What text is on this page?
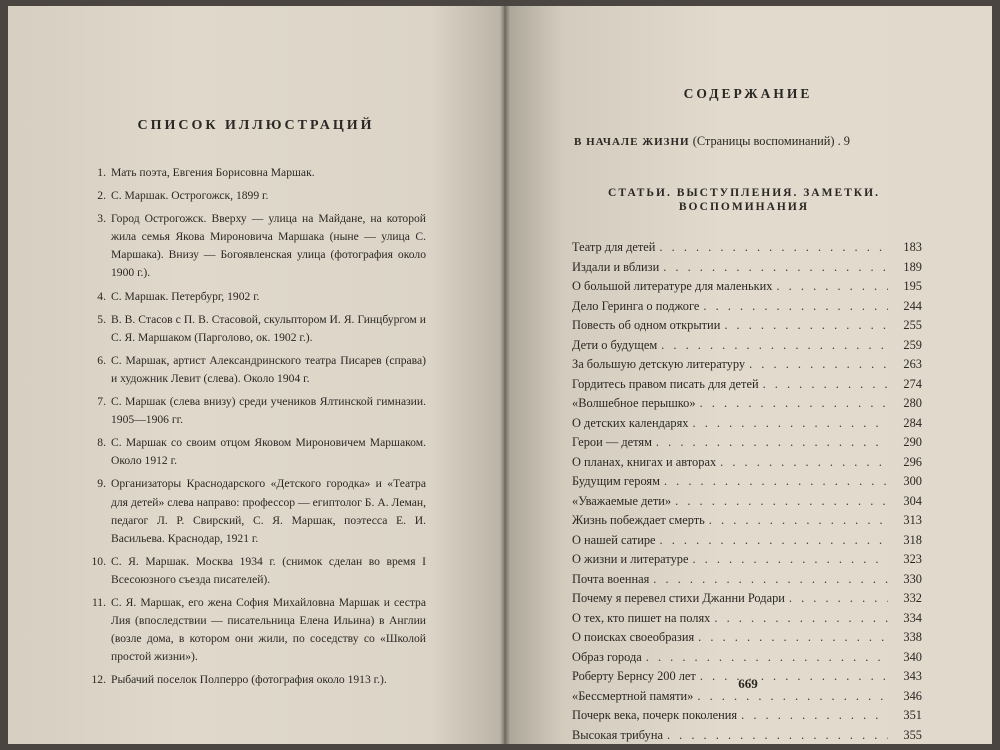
СПИСОК ИЛЛЮСТРАЦИЙ
1. Мать поэта, Евгения Борисовна Маршак.
2. С. Маршак. Острогожск, 1899 г.
3. Город Острогожск. Вверху — улица на Майдане, на которой жила семья Якова Мироновича Маршака (ныне — улица С. Маршака). Внизу — Богоявленская улица (фотография около 1900 г.).
4. С. Маршак. Петербург, 1902 г.
5. В. В. Стасов с П. В. Стасовой, скульптором И. Я. Гинцбургом и С. Я. Маршаком (Парголово, ок. 1902 г.).
6. С. Маршак, артист Александринского театра Писарев (справа) и художник Левит (слева). Около 1904 г.
7. С. Маршак (слева внизу) среди учеников Ялтинской гимназии. 1905—1906 гг.
8. С. Маршак со своим отцом Яковом Мироновичем Маршаком. Около 1912 г.
9. Организаторы Краснодарского «Детского городка» и «Театра для детей» слева направо: профессор — египтолог Б. А. Леман, педагог Л. Р. Свирский, С. Я. Маршак, поэтесса Е. И. Васильева. Краснодар, 1921 г.
10. С. Я. Маршак. Москва 1934 г. (снимок сделан во время I Всесоюзного съезда писателей).
11. С. Я. Маршак, его жена София Михайловна Маршак и сестра Лия (впоследствии — писательница Елена Ильина) в Англии (возле дома, в котором они жили, по соседству со «Школой простой жизни»).
12. Рыбачий поселок Полперро (фотография около 1913 г.).
СОДЕРЖАНИЕ
В НАЧАЛЕ ЖИЗНИ (Страницы воспоминаний) . 9
СТАТЬИ. ВЫСТУПЛЕНИЯ. ЗАМЕТКИ.
ВОСПОМИНАНИЯ
Театр для детей . . .	183
Издали и вблизи . . .	189
О большой литературе для маленьких . . .	195
Дело Геринга о поджоге . . .	244
Повесть об одном открытии . . .	255
Дети о будущем . . .	259
За большую детскую литературу . . .	263
Гордитесь правом писать для детей . . .	274
«Волшебное перышко» . . .	280
О детских календарях . . .	284
Герои — детям . . .	290
О планах, книгах и авторах . . .	296
Будущим героям . . .	300
«Уважаемые дети» . . .	304
Жизнь побеждает смерть . . .	313
О нашей сатире . . .	318
О жизни и литературе . . .	323
Почта военная . . .	330
Почему я перевел стихи Джанни Родари . . .	332
О тех, кто пишет на полях . . .	334
О поисках своеобразия . . .	338
Образ города . . .	340
Роберту Бернсу 200 лет . . .	343
«Бессмертной памяти» . . .	346
Почерк века, почерк поколения . . .	351
Высокая трибуна . . .	355
669
